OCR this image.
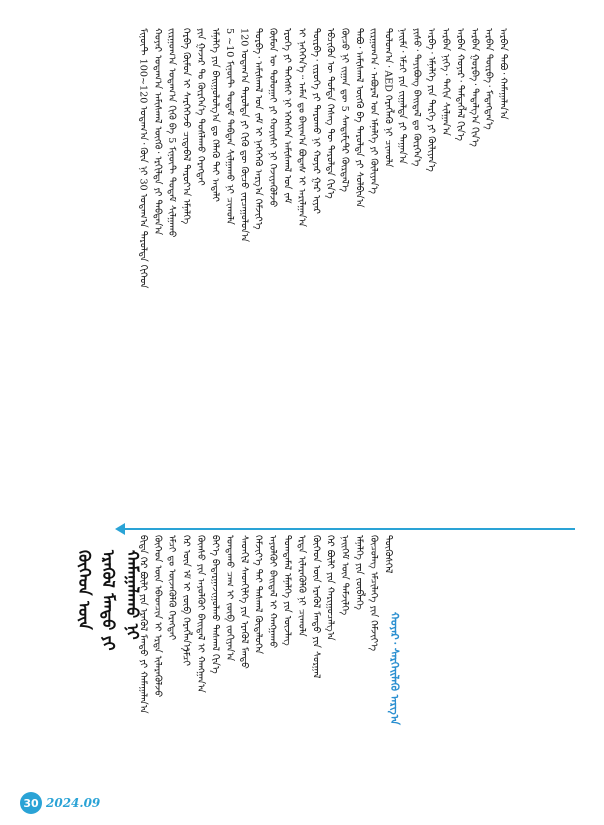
ᠮᠢᠨᠦ᠋ᠲ 100~120 ᠤᠳᠠᠭ᠎ᠠ᠂ ᠭᠦᠨ ᠨᠢ 30 ᠤᠳᠠᠭ᠎ᠠ ᠳᠠᠷᠤᠯᠲᠠ ᠬᠢᠭᠡᠳ ᠬᠣᠶᠠᠷ ᠤᠳᠠᠭ᠎ᠠ ᠠᠮᠢᠰᠭᠠᠯ ᠥᠭᠬᠦ᠂ ᠡᠷᠭᠢᠯᠲᠡ ᠶᠢ ᠳᠠᠪᠲᠠᠨ᠎ᠠ ᠵᠢᠷᠭᠤᠭ᠎ᠠ ᠤᠳᠠᠭ᠎ᠠ ᠬᠢᠬᠦ ᠪᠠ 5 ᠮᠢᠨᠦ᠋ᠲ ᠲᠤᠲᠠᠮ ᠰᠢᠯᠭᠠᠬᠤ ᠬᠡᠷᠪᠡ ᠬᠦᠮᠦᠨ ᠢ ᠰᠡᠷᠭᠡᠭᠡᠵᠦ ᠴᠢᠳᠠᠪᠠᠯ ᠳᠠᠷᠤᠶ᠎ᠠ ᠡᠮᠨᠡᠯᠭᠡ ᠶᠢᠨ ᠭᠠᠵᠠᠷ ᠲᠤ ᠬᠦᠷᠭᠡᠨ᠎ᠡ ᠲᠤᠰᠯᠠᠬᠤ ᠬᠡᠷᠡᠭᠲᠡᠢ ᠡᠮᠨᠡᠯᠭᠡ ᠶᠢᠨ ᠪᠠᠢᠭᠤᠯᠤᠯᠭ᠎ᠠ ᠳᠤ ᠬᠡᠯᠡᠬᠦ ᠲᠡᠢ ᠠᠳᠠᠯᠢ 5 ~10 ᠮᠢᠨᠦ᠋ᠲ ᠲᠤᠲᠠᠮ ᠳᠠᠪᠲᠠᠨ ᠰᠢᠯᠭᠠᠬᠤ ᠨᠢ ᠴᠢᠬᠤᠯᠠ 120 ᠤᠳᠠᠭ᠎ᠠ ᠳᠠᠷᠤᠯᠲᠠ ᠶᠢ ᠬᠢᠬᠦ ᠳᠦ ᠬᠦᠴᠦ ᠵᠠᠷᠴᠠᠭᠤᠯᠤᠨ᠎ᠠ ᠳᠤᠷᠪᠡ᠂ ᠠᠮᠢᠰᠭᠠᠯ ᠤᠨ ᠵᠠᠮ ᠢ ᠨᠡᠭᠡᠭᠡᠬᠦ ᠠᠷᠭ᠎ᠠ ᠬᠡᠮᠵᠢᠶ᠎ᠡ ᠬᠦᠮᠦᠨ ᠦ ᠲᠣᠯᠤᠭᠠᠢ ᠶᠢ ᠬᠣᠶᠢᠰᠢ ᠨᠢ ᠬᠡᠵᠢᠶᠡᠭᠦᠯᠵᠦ ᠡᠷᠦᠬᠡ ᠶᠢ ᠳᠡᠭᠡᠭᠰᠢ ᠨᠢ ᠡᠭᠡᠰᠭᠡᠨ ᠠᠮᠢᠰᠭᠠᠯ ᠤᠨ ᠵᠠᠮ ᠢ ᠨᠡᠭᠡᠭᠡᠨ᠎ᠡ᠃ ᠠᠮᠠᠨ ᠳᠤ ᠪᠠᠢᠭ᠎ᠠ ᠪᠤᠳᠠᠰ ᠢ ᠠᠷᠢᠯᠭᠠᠨ᠎ᠠ ᠳᠥᠷᠪᠡ᠂ ᠵᠢᠷᠦᠬᠡ ᠶᠢ ᠳᠠᠷᠤᠬᠤ ᠨᠢ ᠬᠣᠶᠠᠷ ᠭᠠᠷ ᠢᠶᠠᠷ ᠡᠪᠴᠢᠭᠦᠨ ᠦ ᠳᠤᠮᠳᠠ ᠬᠡᠰᠡᠭ ᠲᠦ ᠳᠠᠷᠤᠯᠲᠠ ᠬᠢᠨ᠎ᠡ ᠬᠦᠴᠦ ᠨᠢ ᠵᠢᠭᠠᠨ ᠳᠦ 5 ᠰᠠᠨᠲᠢᠮᠧᠲ᠋ᠷ ᠬᠦᠷᠲᠡᠯ᠎ᠡ ᠲᠠᠪᠤ᠂ ᠠᠮᠢᠰᠭᠠᠯ ᠥᠭᠬᠦ ᠪᠠ ᠳᠠᠷᠤᠯᠲᠠ ᠶᠢ ᠰᠣᠯᠪᠢᠨ᠎ᠠ ᠵᠢᠷᠭᠤᠭ᠎ᠠ᠂ ᠠᠪᠤᠷᠠᠯ ᠤᠨ ᠡᠮᠨᠡᠯᠭᠡ ᠶᠢ ᠬᠦᠯᠢᠶᠡᠨ᠎ᠡ ᠳᠣᠯᠤᠭ᠎ᠠ᠂ AED ᠬᠡᠷᠡᠭᠯᠡᠬᠦ ᠨᠢ ᠴᠢᠬᠤᠯᠠ ᠨᠠᠢᠮᠠ᠂ ᠡᠮᠴᠢ ᠶᠢᠨ ᠵᠢᠭᠠᠯᠲᠠ ᠶᠢ ᠳᠠᠭᠠᠨ᠎ᠠ ᠶᠢᠰᠦ᠂ ᠲᠠᠶᠢᠪᠤᠩ ᠪᠠᠢᠳᠠᠯ ᠳᠤ ᠬᠦᠷᠭᠡᠨ᠎ᠡ ᠠᠷᠪᠠ᠂ ᠡᠮᠨᠡᠯᠭᠡ ᠶᠢᠨ ᠲᠡᠷᠭᠡ ᠶᠢ ᠬᠦᠯᠢᠶᠡᠨ᠎ᠡ ᠠᠷᠪᠠᠨ ᠨᠢᠭᠡ᠂ ᠳᠠᠬᠢᠨ ᠰᠢᠯᠭᠠᠨ᠎ᠠ ᠠᠷᠪᠠᠨ ᠬᠣᠶᠠᠷ᠂ ᠲᠡᠮᠳᠡᠭᠯᠡᠯ ᠬᠢᠨ᠎ᠡ ᠠᠷᠪᠠᠨ ᠭᠤᠷᠪᠠ᠂ ᠲᠠᠲᠠᠯᠭ᠎ᠠ ᠬᠢᠨ᠎ᠡ ᠠᠷᠪᠠᠨ ᠳᠥᠷᠪᠡ᠂ ᠮᠡᠳᠡᠭᠳᠡᠨ᠎ᠡ ᠠᠷᠪᠠᠨ ᠲᠠᠪᠤ᠂ ᠬᠠᠮᠠᠭᠠᠯᠠᠨ᠎ᠠ
ᠬᠣᠶᠠᠷ᠂ ᠰᠡᠷᠭᠡᠢᠯᠡᠬᠦ ᠠᠷᠭ᠎ᠠ
ᠪᠢᠳᠡ ᠭᠡᠷ ᠪᠦᠯᠢ ᠶᠢᠨ ᠡᠷᠡᠬᠦᠯ ᠮᠡᠨᠳᠦ ᠶᠢ ᠬᠠᠮᠠᠭᠠᠯᠠᠨ᠎ᠠ ᠬᠦᠬᠡᠳ ᠦᠨ ᠡᠪᠡᠳᠴᠢᠨ ᠢ ᠡᠷᠲᠡ ᠢᠯᠡᠷᠡᠭᠦᠯᠵᠦ ᠡᠮᠴᠢ ᠳᠤ ᠦᠵᠡᠭᠦᠯᠬᠦ ᠬᠡᠷᠡᠭᠲᠡᠢ ᠭᠡᠷ ᠦᠨ ᠡᠮ ᠢ ᠵᠥᠪ ᠬᠡᠷᠡᠭᠯᠡᠨ᠎ᠡ ᠬᠦᠨᠰᠦ ᠶᠢᠨ ᠠᠶᠤᠯᠭᠦᠢ ᠪᠠᠢᠳᠠᠯ ᠢ ᠬᠠᠩᠭᠠᠨ᠎ᠠ ᠪᠡᠶ᠎ᠡ ᠪᠠᠳᠠᠷᠭᠠᠵᠢᠭᠤᠯᠬᠤ ᠳᠠᠰᠬᠠᠯ ᠬᠢᠨ᠎ᠡ ᠤᠨᠲᠠᠬᠤ ᠴᠠᠭ ᠢ ᠵᠥᠪ ᠵᠣᠬᠢᠶᠠᠨ᠎ᠠ ᠰᠡᠳᠬᠢᠯ ᠰᠡᠳᠬᠢᠯᠭᠡ ᠶᠢᠨ ᠡᠷᠡᠬᠦᠯ ᠮᠡᠨᠳᠦ ᠬᠡᠮᠵᠢᠶ᠎ᠡ ᠲᠠᠢ ᠳᠠᠰᠬᠠᠯ ᠬᠦᠳᠡᠯᠦᠭᠡᠨ ᠠᠶᠤᠯᠭᠦᠢ ᠪᠠᠢᠳᠠᠯ ᠢ ᠬᠠᠩᠭᠠᠬᠤ ᠲᠣᠭᠲᠠᠮᠠᠯ ᠡᠮᠨᠡᠯᠭᠡ ᠶᠢᠨ ᠦᠵᠯᠡᠭ ᠡᠷᠲᠡ ᠢᠯᠡᠷᠡᠭᠦᠯᠬᠦ ᠨᠢ ᠴᠢᠬᠤᠯᠠ ᠬᠦᠬᠡᠳ ᠦᠨ ᠡᠷᠡᠬᠦᠯ ᠮᠡᠨᠳᠦ ᠶᠢᠨ ᠰᠤᠷᠭᠠᠯ ᠭᠡᠷ ᠪᠦᠯᠢ ᠶᠢᠨ ᠬᠠᠷᠢᠭᠤᠴᠠᠯᠭ᠎ᠠ ᠨᠡᠢᠭᠡᠮ ᠦᠨ ᠳᠡᠮᠵᠢᠯᠭᠡ ᠡᠮᠨᠡᠯᠭᠡ ᠶᠢᠨ ᠵᠥᠪᠯᠡᠭᠡ ᠬᠦᠴᠦᠯᠡᠭ ᠡᠮᠴᠢᠯᠡᠭᠡ ᠶᠢᠨ ᠬᠡᠮᠵᠢᠶ᠎ᠡ ᠲᠥᠭᠦᠰᠬᠡᠯ
ᠬᠥᠬᠡᠳ ᠦᠨ ᠡᠷᠡᠬᠦᠯ ᠮᠡᠨᠳᠦ ᠶᠢ ᠬᠠᠮᠠᠭᠠᠯᠠᠬᠤ ᠨᠢ
ᠡᠮᠴᠢ
30 2024.09
